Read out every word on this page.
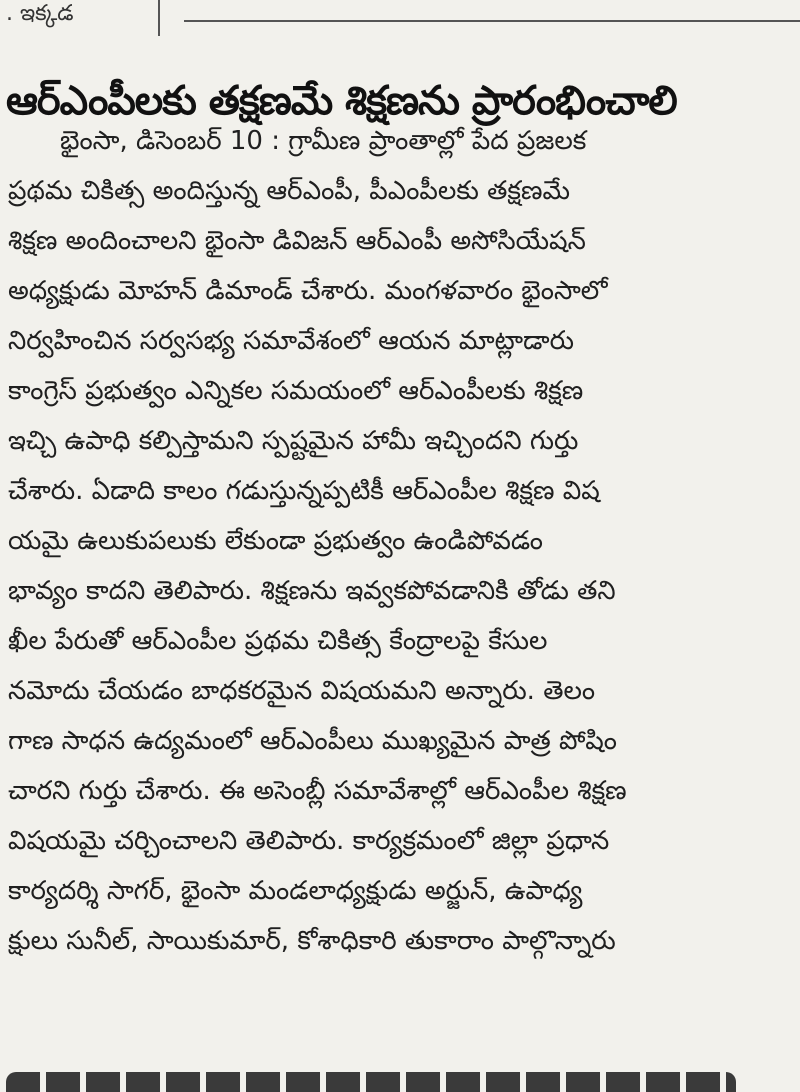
. ఇక్కడ
ఆర్ఎంపీలకు తక్షణమే శిక్షణను ప్రారంభించాలి
భైంసా, డిసెంబర్ 10 : గ్రామీణ ప్రాంతాల్లో పేద ప్రజలక
ప్రథమ చికిత్స అందిస్తున్న ఆర్ఎంపీ, పీఎంపీలకు తక్షణమే
శిక్షణ అందించాలని భైంసా డివిజన్ ఆర్ఎంపీ అసోసియేషన్
అధ్యక్షుడు మోహన్ డిమాండ్ చేశారు. మంగళవారం భైంసాలో
నిర్వహించిన సర్వసభ్య సమావేశంలో ఆయన మాట్లాడారు
కాంగ్రెస్ ప్రభుత్వం ఎన్నికల సమయంలో ఆర్ఎంపీలకు శిక్షణ
ఇచ్చి ఉపాధి కల్పిస్తామని స్పష్టమైన హామీ ఇచ్చిందని గుర్తు
చేశారు. ఏడాది కాలం గడుస్తున్నప్పటికీ ఆర్ఎంపీల శిక్షణ విష
యమై ఉలుకుపలుకు లేకుండా ప్రభుత్వం ఉండిపోవడం
భావ్యం కాదని తెలిపారు. శిక్షణను ఇవ్వకపోవడానికి తోడు తని
ఖీల పేరుతో ఆర్ఎంపీల ప్రథమ చికిత్స కేంద్రాలపై కేసుల
నమోదు చేయడం బాధకరమైన విషయమని అన్నారు. తెలం
గాణ సాధన ఉద్యమంలో ఆర్ఎంపీలు ముఖ్యమైన పాత్ర పోషిం
చారని గుర్తు చేశారు. ఈ అసెంబ్లీ సమావేశాల్లో ఆర్ఎంపీల శిక్షణ
విషయమై చర్చించాలని తెలిపారు. కార్యక్రమంలో జిల్లా ప్రధాన
కార్యదర్శి సాగర్, భైంసా మండలాధ్యక్షుడు అర్జున్, ఉపాధ్య
క్షులు సునీల్, సాయికుమార్, కోశాధికారి తుకారాం పాల్గొన్నారు
